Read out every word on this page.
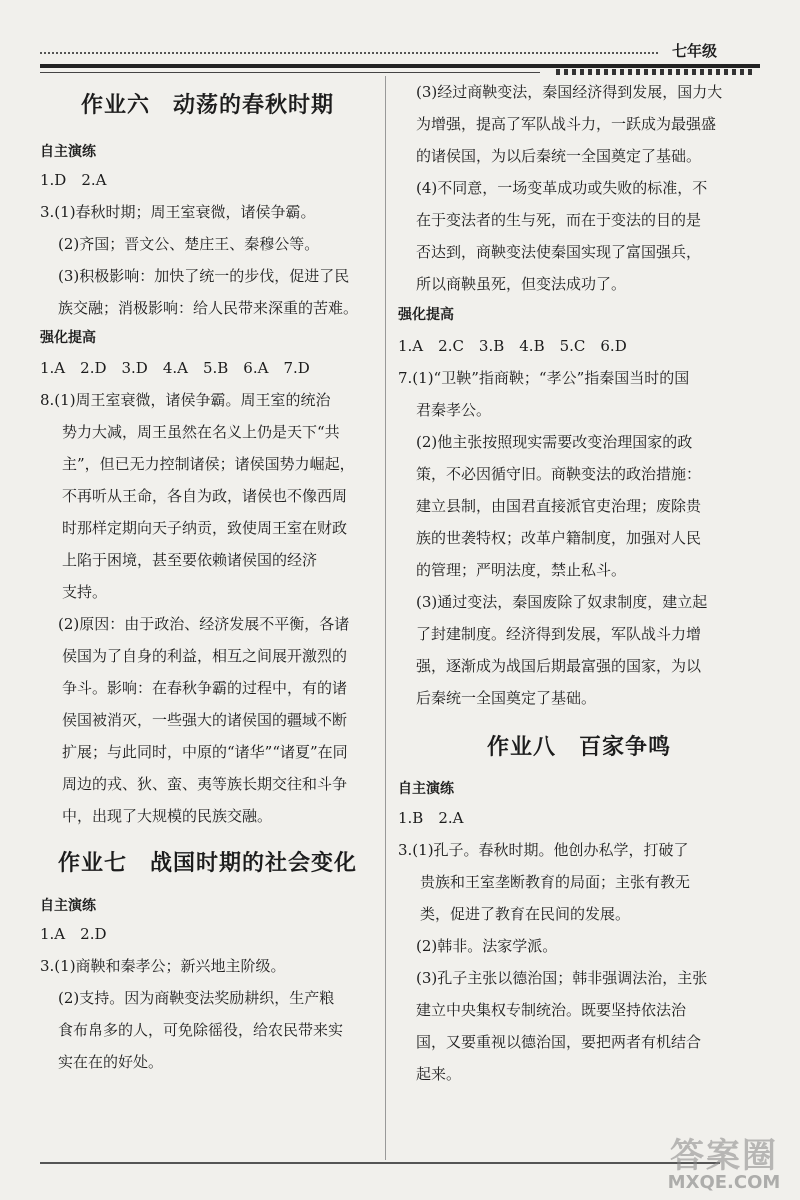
七年级
作业六　动荡的春秋时期
自主演练
1.D　2.A
3.(1)春秋时期；周王室衰微，诸侯争霸。
(2)齐国；晋文公、楚庄王、秦穆公等。
(3)积极影响：加快了统一的步伐，促进了民
族交融；消极影响：给人民带来深重的苦难。
强化提高
1.A　2.D　3.D　4.A　5.B　6.A　7.D
8.(1)周王室衰微，诸侯争霸。周王室的统治
势力大减，周王虽然在名义上仍是天下“共
主”，但已无力控制诸侯；诸侯国势力崛起，
不再听从王命，各自为政，诸侯也不像西周
时那样定期向天子纳贡，致使周王室在财政
上陷于困境，甚至要依赖诸侯国的经济
支持。
(2)原因：由于政治、经济发展不平衡，各诸
侯国为了自身的利益，相互之间展开激烈的
争斗。影响：在春秋争霸的过程中，有的诸
侯国被消灭，一些强大的诸侯国的疆域不断
扩展；与此同时，中原的“诸华”“诸夏”在同
周边的戎、狄、蛮、夷等族长期交往和斗争
中，出现了大规模的民族交融。
作业七　战国时期的社会变化
自主演练
1.A　2.D
3.(1)商鞅和秦孝公；新兴地主阶级。
(2)支持。因为商鞅变法奖励耕织，生产粮
食布帛多的人，可免除徭役，给农民带来实
实在在的好处。
(3)经过商鞅变法，秦国经济得到发展，国力大
为增强，提高了军队战斗力，一跃成为最强盛
的诸侯国，为以后秦统一全国奠定了基础。
(4)不同意，一场变革成功或失败的标准，不
在于变法者的生与死，而在于变法的目的是
否达到，商鞅变法使秦国实现了富国强兵，
所以商鞅虽死，但变法成功了。
强化提高
1.A　2.C　3.B　4.B　5.C　6.D
7.(1)“卫鞅”指商鞅；“孝公”指秦国当时的国
君秦孝公。
(2)他主张按照现实需要改变治理国家的政
策，不必因循守旧。商鞅变法的政治措施：
建立县制，由国君直接派官吏治理；废除贵
族的世袭特权；改革户籍制度，加强对人民
的管理；严明法度，禁止私斗。
(3)通过变法，秦国废除了奴隶制度，建立起
了封建制度。经济得到发展，军队战斗力增
强，逐渐成为战国后期最富强的国家，为以
后秦统一全国奠定了基础。
作业八　百家争鸣
自主演练
1.B　2.A
3.(1)孔子。春秋时期。他创办私学，打破了
贵族和王室垄断教育的局面；主张有教无
类，促进了教育在民间的发展。
(2)韩非。法家学派。
(3)孔子主张以德治国；韩非强调法治，主张
建立中央集权专制统治。既要坚持依法治
国，又要重视以德治国，要把两者有机结合
起来。
答案圈
MXQE.COM
